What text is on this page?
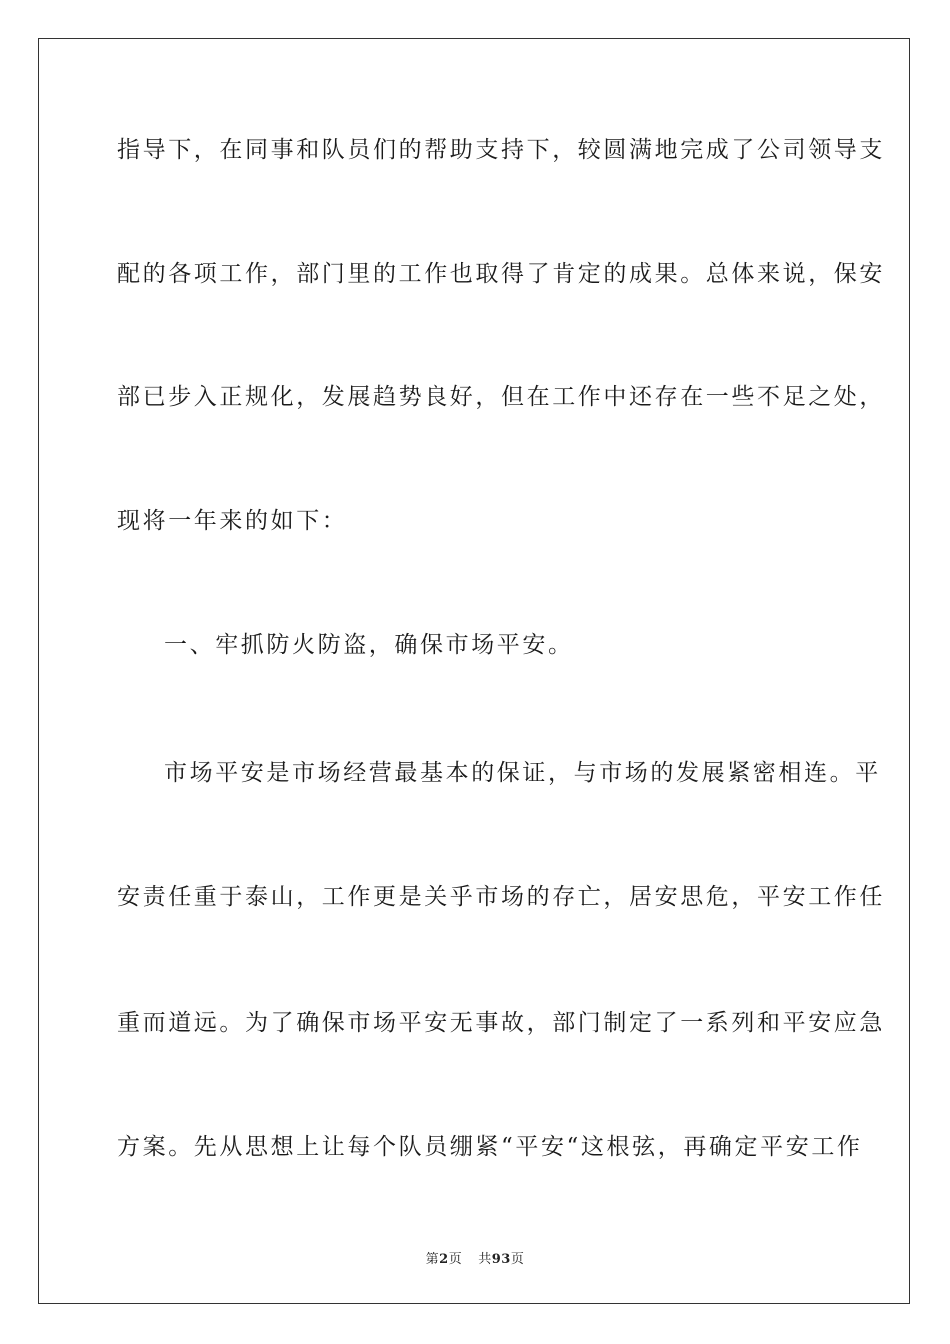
指导下，在同事和队员们的帮助支持下，较圆满地完成了公司领导支
配的各项工作，部门里的工作也取得了肯定的成果。总体来说，保安
部已步入正规化，发展趋势良好，但在工作中还存在一些不足之处，
现将一年来的如下：
一、牢抓防火防盗，确保市场平安。
市场平安是市场经营最基本的保证，与市场的发展紧密相连。平
安责任重于泰山，工作更是关乎市场的存亡，居安思危，平安工作任
重而道远。为了确保市场平安无事故，部门制定了一系列和平安应急
方案。先从思想上让每个队员绷紧“平安“这根弦，再确定平安工作
第2页 共93页
